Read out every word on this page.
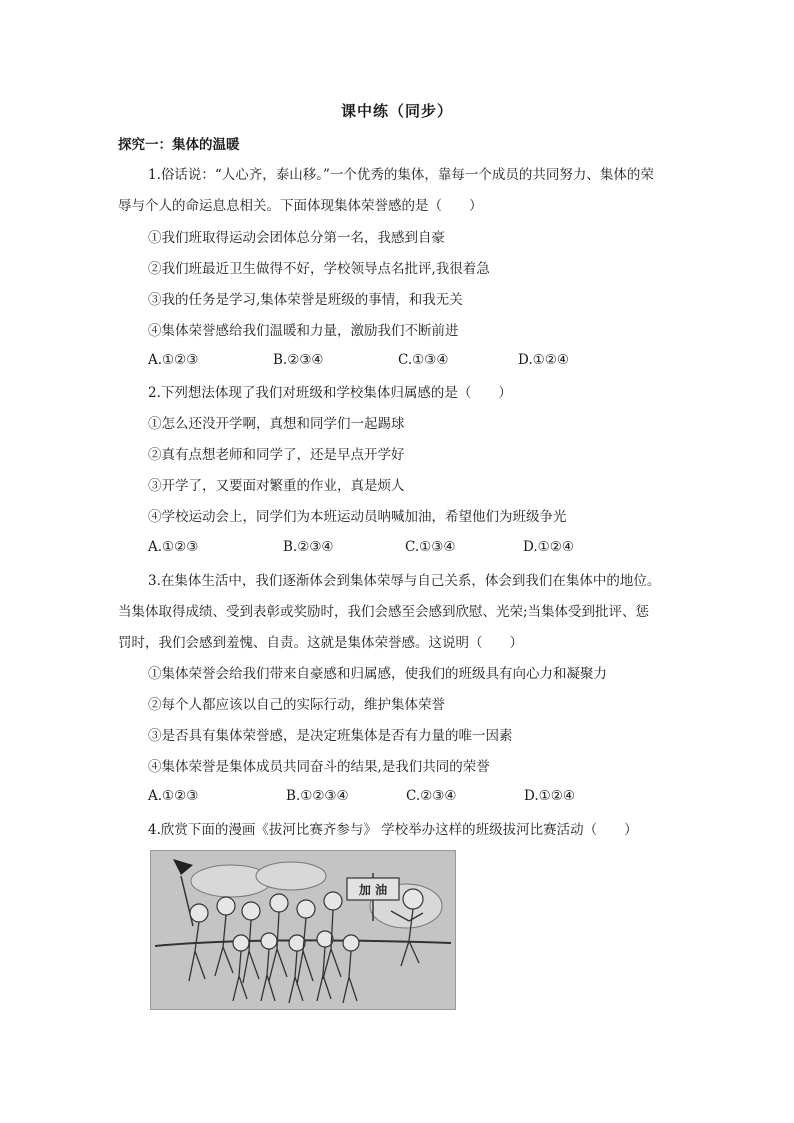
课中练（同步）
探究一：集体的温暖
1.俗话说：“人心齐，泰山移。”一个优秀的集体，靠每一个成员的共同努力、集体的荣
辱与个人的命运息息相关。下面体现集体荣誉感的是（　　）
①我们班取得运动会团体总分第一名，我感到自豪
②我们班最近卫生做得不好，学校领导点名批评,我很着急
③我的任务是学习,集体荣誉是班级的事情，和我无关
④集体荣誉感给我们温暖和力量，激励我们不断前进
A.①②③	B.②③④	C.①③④	D.①②④
2.下列想法体现了我们对班级和学校集体归属感的是（　　）
①怎么还没开学啊，真想和同学们一起踢球
②真有点想老师和同学了，还是早点开学好
③开学了，又要面对繁重的作业，真是烦人
④学校运动会上，同学们为本班运动员呐喊加油，希望他们为班级争光
A.①②③	B.②③④	C.①③④	D.①②④
3.在集体生活中，我们逐渐体会到集体荣辱与自己关系，体会到我们在集体中的地位。
当集体取得成绩、受到表彰或奖励时，我们会感至会感到欣慰、光荣;当集体受到批评、惩
罚时，我们会感到羞愧、自责。这就是集体荣誉感。这说明（　　）
①集体荣誉会给我们带来自豪感和归属感，使我们的班级具有向心力和凝聚力
②每个人都应该以自己的实际行动，维护集体荣誉
③是否具有集体荣誉感，是决定班集体是否有力量的唯一因素
④集体荣誉是集体成员共同奋斗的结果,是我们共同的荣誉
A.①②③	B.①②③④	C.②③④	D.①②④
4.欣赏下面的漫画《拔河比赛齐参与》 学校举办这样的班级拔河比赛活动（　　）
加 油
